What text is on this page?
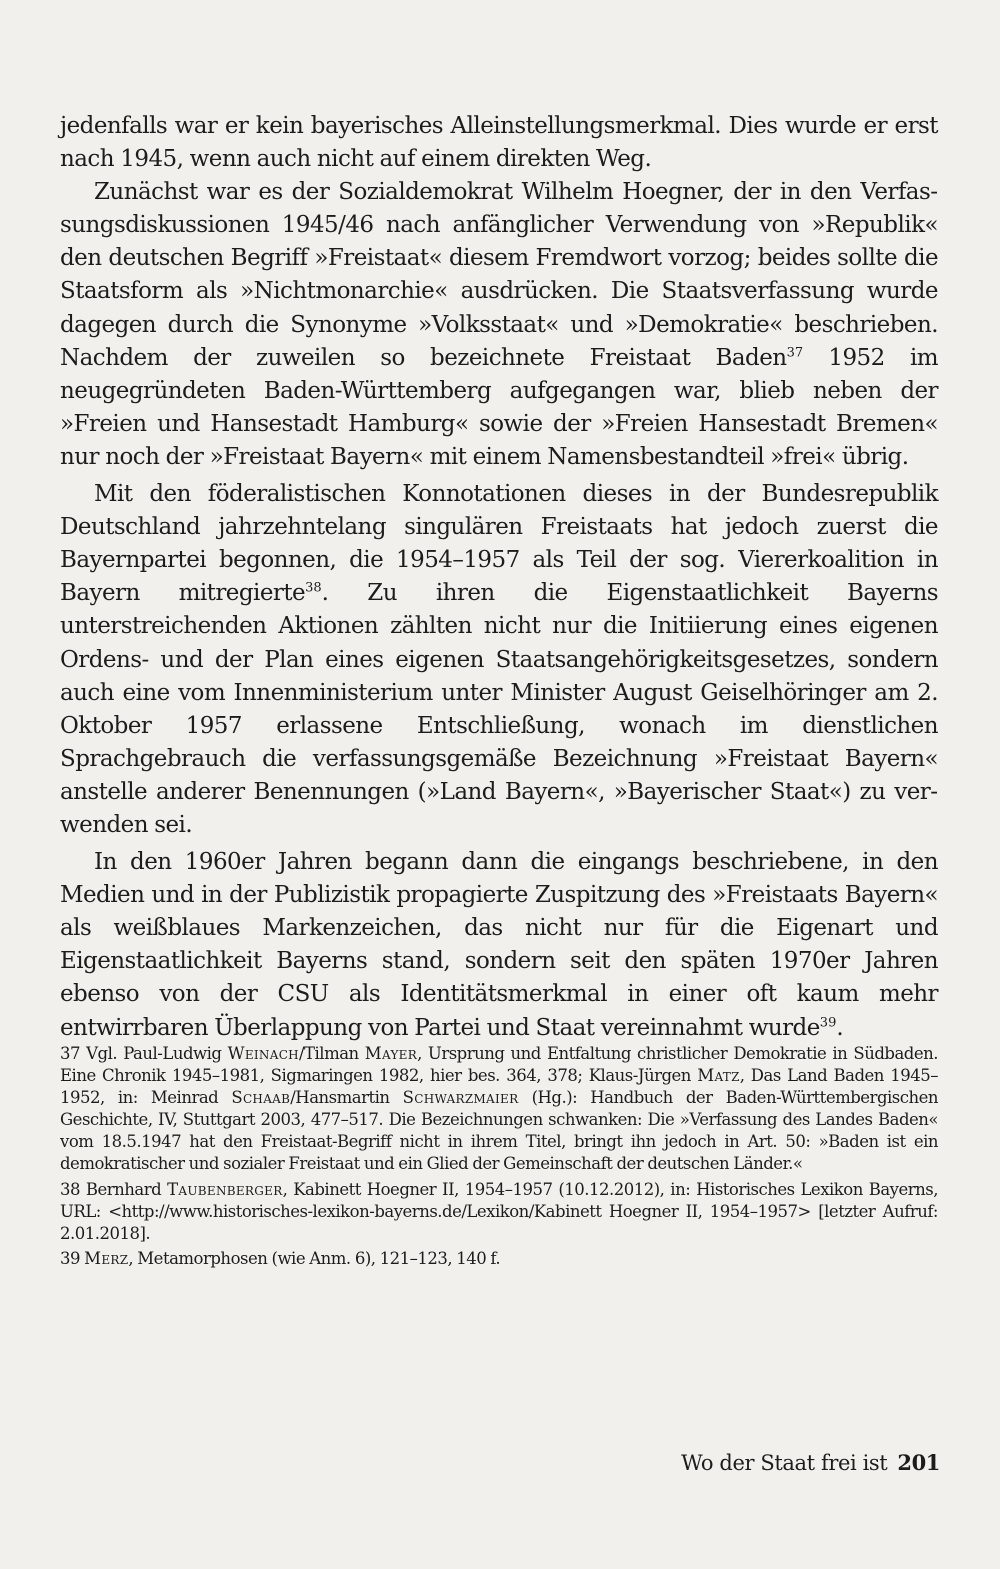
jedenfalls war er kein bayerisches Alleinstellungsmerkmal. Dies wurde er erst nach 1945, wenn auch nicht auf einem direkten Weg.

Zunächst war es der Sozialdemokrat Wilhelm Hoegner, der in den Verfassungsdiskussionen 1945/46 nach anfänglicher Verwendung von »Republik« den deutschen Begriff »Freistaat« diesem Fremdwort vorzog; beides sollte die Staatsform als »Nichtmonarchie« ausdrücken. Die Staatsverfassung wurde dagegen durch die Synonyme »Volksstaat« und »Demokratie« beschrieben. Nachdem der zuweilen so bezeichnete Freistaat Baden$^{37}$ 1952 im neugegründeten Baden-Württemberg aufgegangen war, blieb neben der »Freien und Hansestadt Hamburg« sowie der »Freien Hansestadt Bremen« nur noch der »Freistaat Bayern« mit einem Namensbestandteil »frei« übrig.

Mit den föderalistischen Konnotationen dieses in der Bundesrepublik Deutschland jahrzehntelang singulären Freistaats hat jedoch zuerst die Bayernpartei begonnen, die 1954–1957 als Teil der sog. Viererkoalition in Bayern mitregierte$^{38}$. Zu ihren die Eigenstaatlichkeit Bayerns unterstreichenden Aktionen zählten nicht nur die Initiierung eines eigenen Ordens- und der Plan eines eigenen Staatsangehörigkeitsgesetzes, sondern auch eine vom Innenministerium unter Minister August Geiselhöringer am 2. Oktober 1957 erlassene Entschließung, wonach im dienstlichen Sprachgebrauch die verfassungsgemäße Bezeichnung »Freistaat Bayern« anstelle anderer Benennungen (»Land Bayern«, »Bayerischer Staat«) zu verwenden sei.

In den 1960er Jahren begann dann die eingangs beschriebene, in den Medien und in der Publizistik propagierte Zuspitzung des »Freistaats Bayern« als weißblaues Markenzeichen, das nicht nur für die Eigenart und Eigenstaatlichkeit Bayerns stand, sondern seit den späten 1970er Jahren ebenso von der CSU als Identitätsmerkmal in einer oft kaum mehr entwirrbaren Überlappung von Partei und Staat vereinnahmt wurde$^{39}$.

37 Vgl. Paul-Ludwig Weinach/Tilman Mayer, Ursprung und Entfaltung christlicher Demokratie in Südbaden. Eine Chronik 1945–1981, Sigmaringen 1982, hier bes. 364, 378; Klaus-Jürgen Matz, Das Land Baden 1945–1952, in: Meinrad Schaab/Hansmartin Schwarzmaier (Hg.): Handbuch der Baden-Württembergischen Geschichte, IV, Stuttgart 2003, 477–517. Die Bezeichnungen schwanken: Die »Verfassung des Landes Baden« vom 18.5.1947 hat den Freistaat-Begriff nicht in ihrem Titel, bringt ihn jedoch in Art. 50: »Baden ist ein demokratischer und sozialer Freistaat und ein Glied der Gemeinschaft der deutschen Länder.«

38 Bernhard Taubenberger, Kabinett Hoegner II, 1954–1957 (10.12.2012), in: Historisches Lexikon Bayerns, URL: <http://www.historisches-lexikon-bayerns.de/Lexikon/Kabinett Hoegner II, 1954–1957> [letzter Aufruf: 2.01.2018].

39 Merz, Metamorphosen (wie Anm. 6), 121–123, 140 f.

Wo der Staat frei ist 201
